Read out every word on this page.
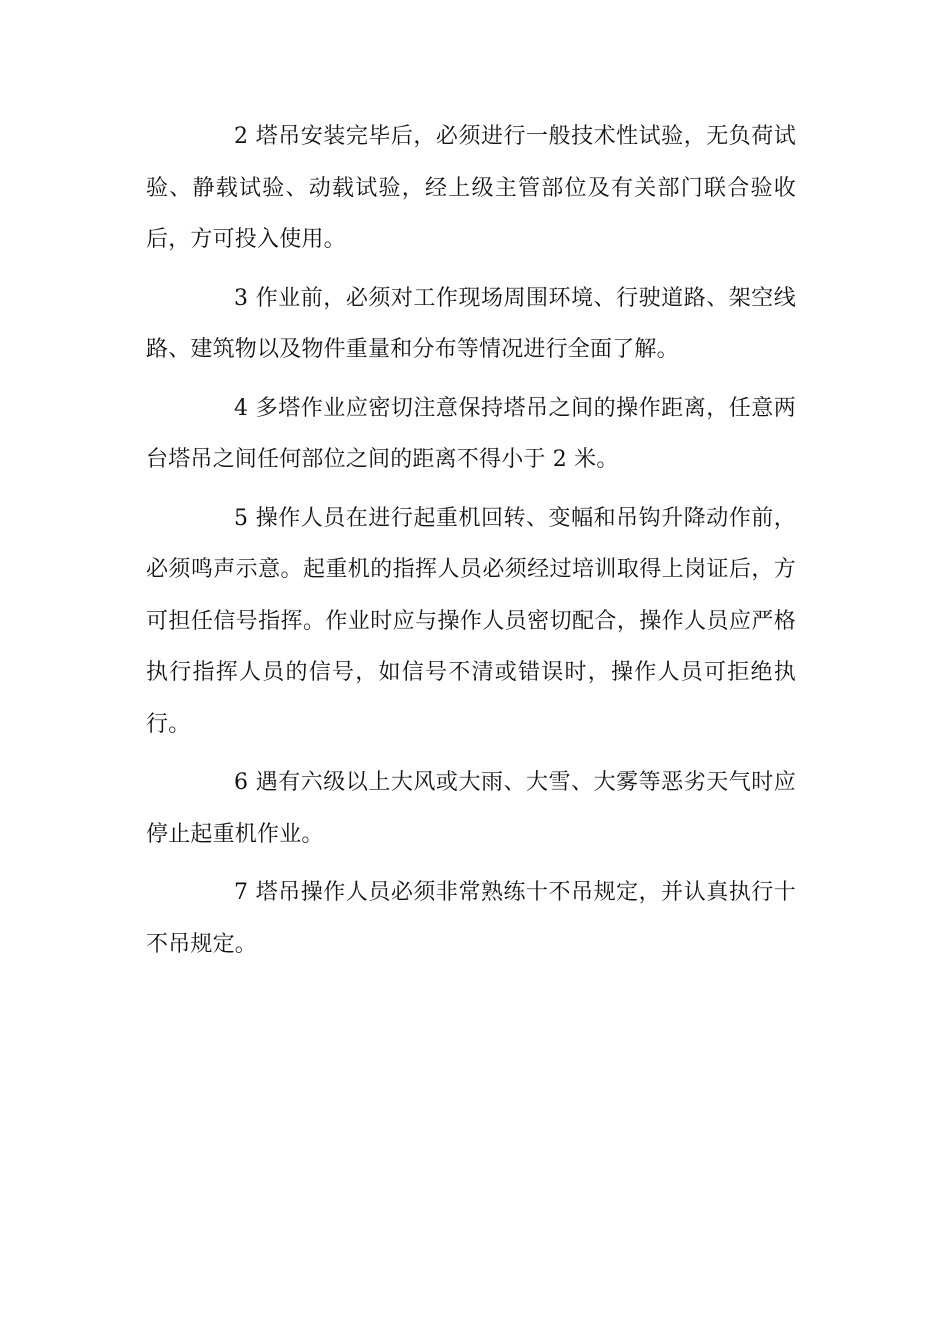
2 塔吊安装完毕后，必须进行一般技术性试验，无负荷试验、静载试验、动载试验，经上级主管部位及有关部门联合验收后，方可投入使用。

3 作业前，必须对工作现场周围环境、行驶道路、架空线路、建筑物以及物件重量和分布等情况进行全面了解。

4 多塔作业应密切注意保持塔吊之间的操作距离，任意两台塔吊之间任何部位之间的距离不得小于 2 米。

5 操作人员在进行起重机回转、变幅和吊钩升降动作前，必须鸣声示意。起重机的指挥人员必须经过培训取得上岗证后，方可担任信号指挥。作业时应与操作人员密切配合，操作人员应严格执行指挥人员的信号，如信号不清或错误时，操作人员可拒绝执行。

6 遇有六级以上大风或大雨、大雪、大雾等恶劣天气时应停止起重机作业。

7 塔吊操作人员必须非常熟练十不吊规定，并认真执行十不吊规定。
